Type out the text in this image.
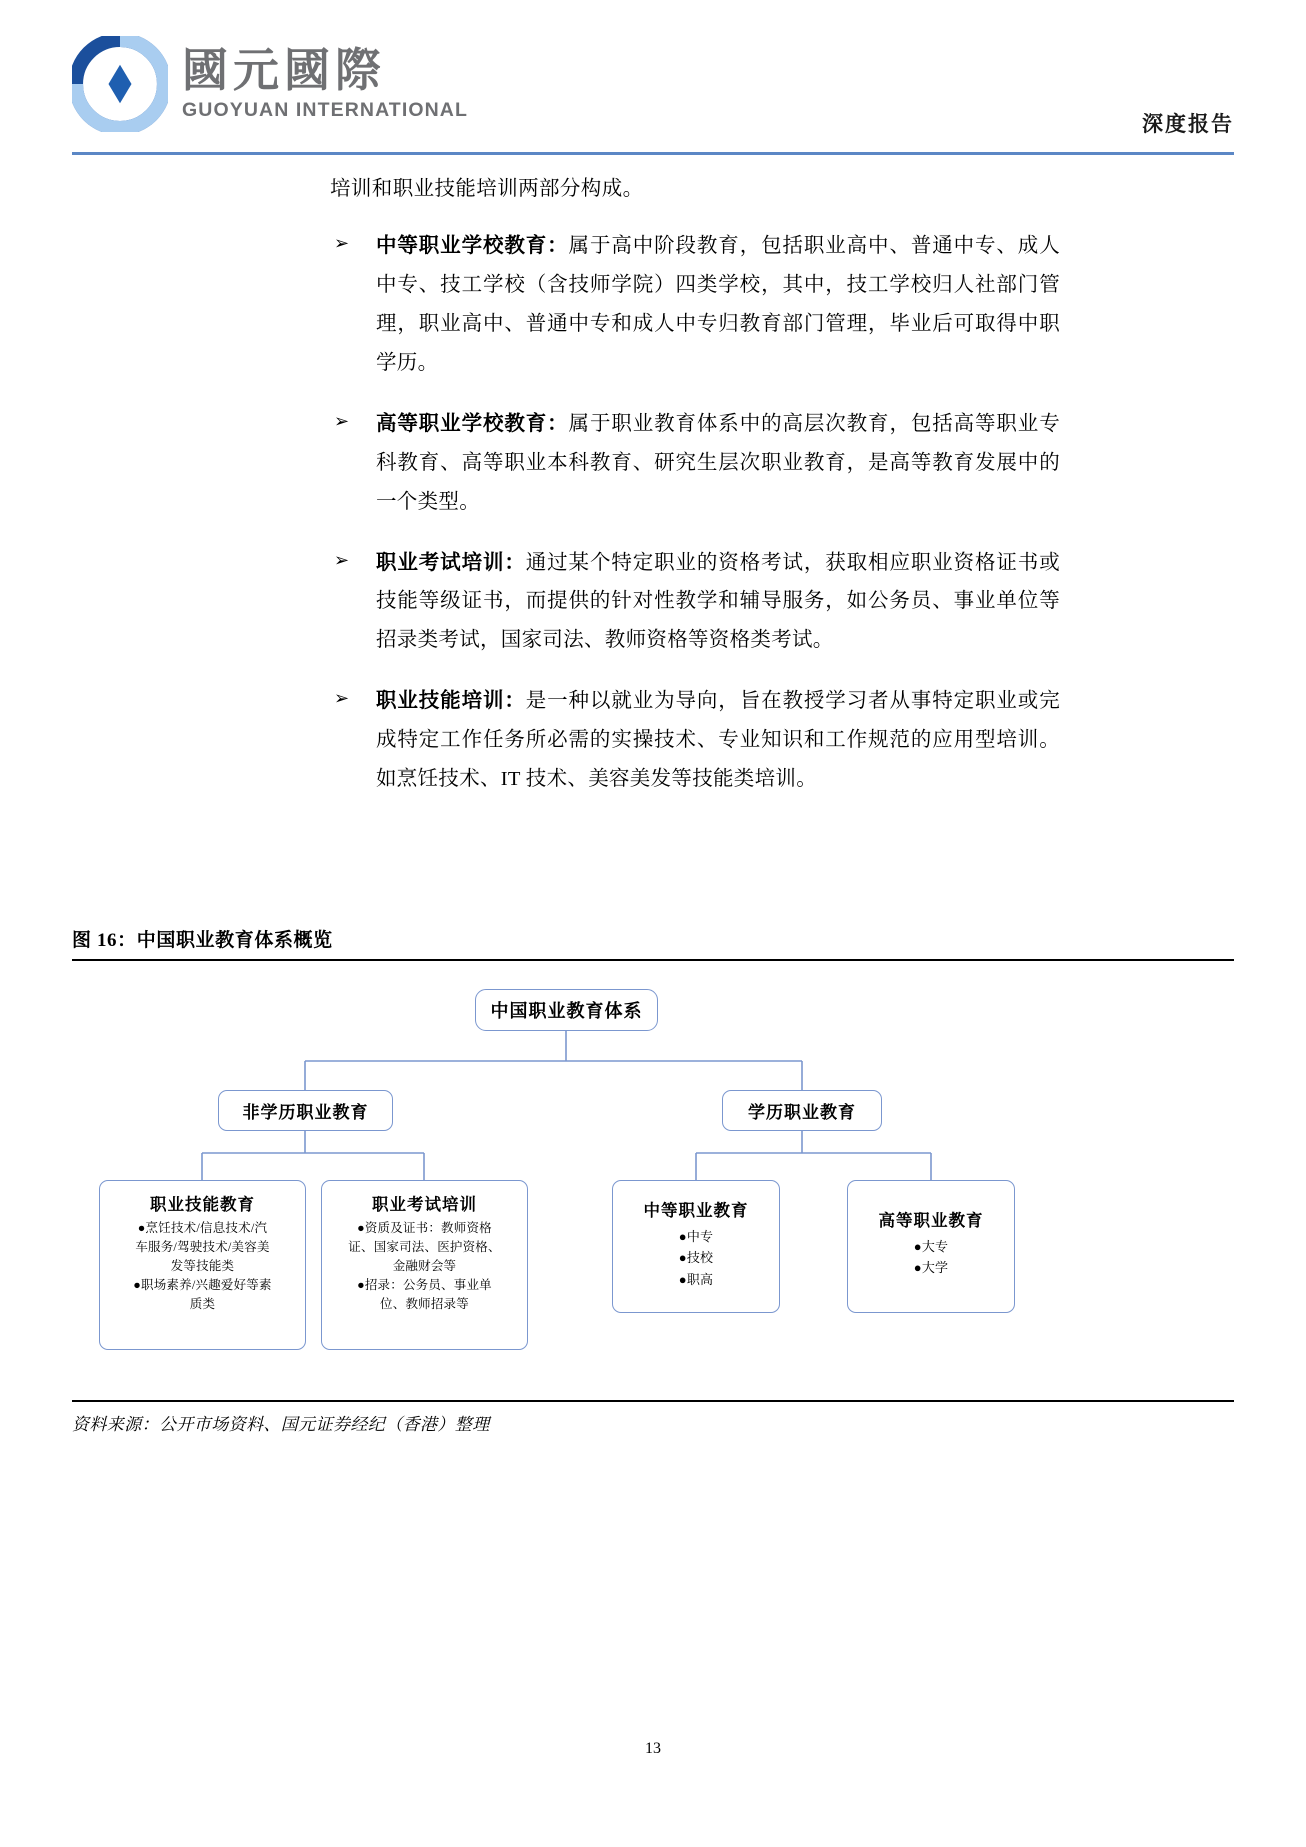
國元國際
GUOYUAN INTERNATIONAL
深度报告
培训和职业技能培训两部分构成。
➢	中等职业学校教育：属于高中阶段教育，包括职业高中、普通中专、成人中专、技工学校（含技师学院）四类学校，其中，技工学校归人社部门管理，职业高中、普通中专和成人中专归教育部门管理，毕业后可取得中职学历。
➢	高等职业学校教育：属于职业教育体系中的高层次教育，包括高等职业专科教育、高等职业本科教育、研究生层次职业教育，是高等教育发展中的一个类型。
➢	职业考试培训：通过某个特定职业的资格考试，获取相应职业资格证书或技能等级证书，而提供的针对性教学和辅导服务，如公务员、事业单位等招录类考试，国家司法、教师资格等资格类考试。
➢	职业技能培训：是一种以就业为导向，旨在教授学习者从事特定职业或完成特定工作任务所必需的实操技术、专业知识和工作规范的应用型培训。如烹饪技术、IT 技术、美容美发等技能类培训。
图 16：中国职业教育体系概览
中国职业教育体系
非学历职业教育	学历职业教育
职业技能教育
●烹饪技术/信息技术/汽
车服务/驾驶技术/美容美
发等技能类
●职场素养/兴趣爱好等素
质类
职业考试培训
●资质及证书：教师资格
证、国家司法、医护资格、
金融财会等
●招录：公务员、事业单
位、教师招录等
中等职业教育
●中专
●技校
●职高
高等职业教育
●大专
●大学
资料来源：公开市场资料、国元证券经纪（香港）整理
13
